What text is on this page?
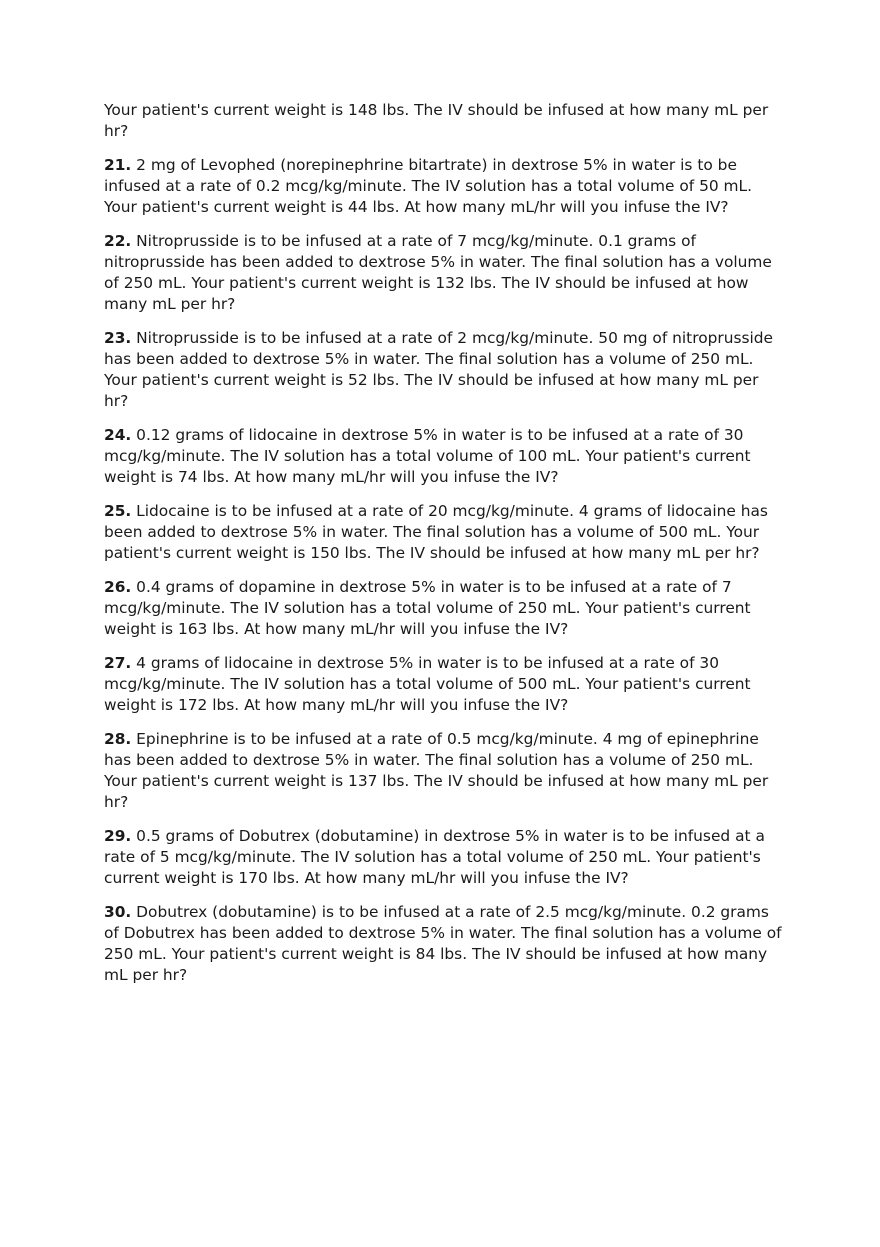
Your patient's current weight is 148 lbs. The IV should be infused at how many mL per hr?

21. 2 mg of Levophed (norepinephrine bitartrate) in dextrose 5% in water is to be infused at a rate of 0.2 mcg/kg/minute. The IV solution has a total volume of 50 mL. Your patient's current weight is 44 lbs. At how many mL/hr will you infuse the IV?

22. Nitroprusside is to be infused at a rate of 7 mcg/kg/minute. 0.1 grams of nitroprusside has been added to dextrose 5% in water. The final solution has a volume of 250 mL. Your patient's current weight is 132 lbs. The IV should be infused at how many mL per hr?

23. Nitroprusside is to be infused at a rate of 2 mcg/kg/minute. 50 mg of nitroprusside has been added to dextrose 5% in water. The final solution has a volume of 250 mL. Your patient's current weight is 52 lbs. The IV should be infused at how many mL per hr?

24. 0.12 grams of lidocaine in dextrose 5% in water is to be infused at a rate of 30 mcg/kg/minute. The IV solution has a total volume of 100 mL. Your patient's current weight is 74 lbs. At how many mL/hr will you infuse the IV?

25. Lidocaine is to be infused at a rate of 20 mcg/kg/minute. 4 grams of lidocaine has been added to dextrose 5% in water. The final solution has a volume of 500 mL. Your patient's current weight is 150 lbs. The IV should be infused at how many mL per hr?

26. 0.4 grams of dopamine in dextrose 5% in water is to be infused at a rate of 7 mcg/kg/minute. The IV solution has a total volume of 250 mL. Your patient's current weight is 163 lbs. At how many mL/hr will you infuse the IV?

27. 4 grams of lidocaine in dextrose 5% in water is to be infused at a rate of 30 mcg/kg/minute. The IV solution has a total volume of 500 mL. Your patient's current weight is 172 lbs. At how many mL/hr will you infuse the IV?

28. Epinephrine is to be infused at a rate of 0.5 mcg/kg/minute. 4 mg of epinephrine has been added to dextrose 5% in water. The final solution has a volume of 250 mL. Your patient's current weight is 137 lbs. The IV should be infused at how many mL per hr?

29. 0.5 grams of Dobutrex (dobutamine) in dextrose 5% in water is to be infused at a rate of 5 mcg/kg/minute. The IV solution has a total volume of 250 mL. Your patient's current weight is 170 lbs. At how many mL/hr will you infuse the IV?

30. Dobutrex (dobutamine) is to be infused at a rate of 2.5 mcg/kg/minute. 0.2 grams of Dobutrex has been added to dextrose 5% in water. The final solution has a volume of 250 mL. Your patient's current weight is 84 lbs. The IV should be infused at how many mL per hr?
